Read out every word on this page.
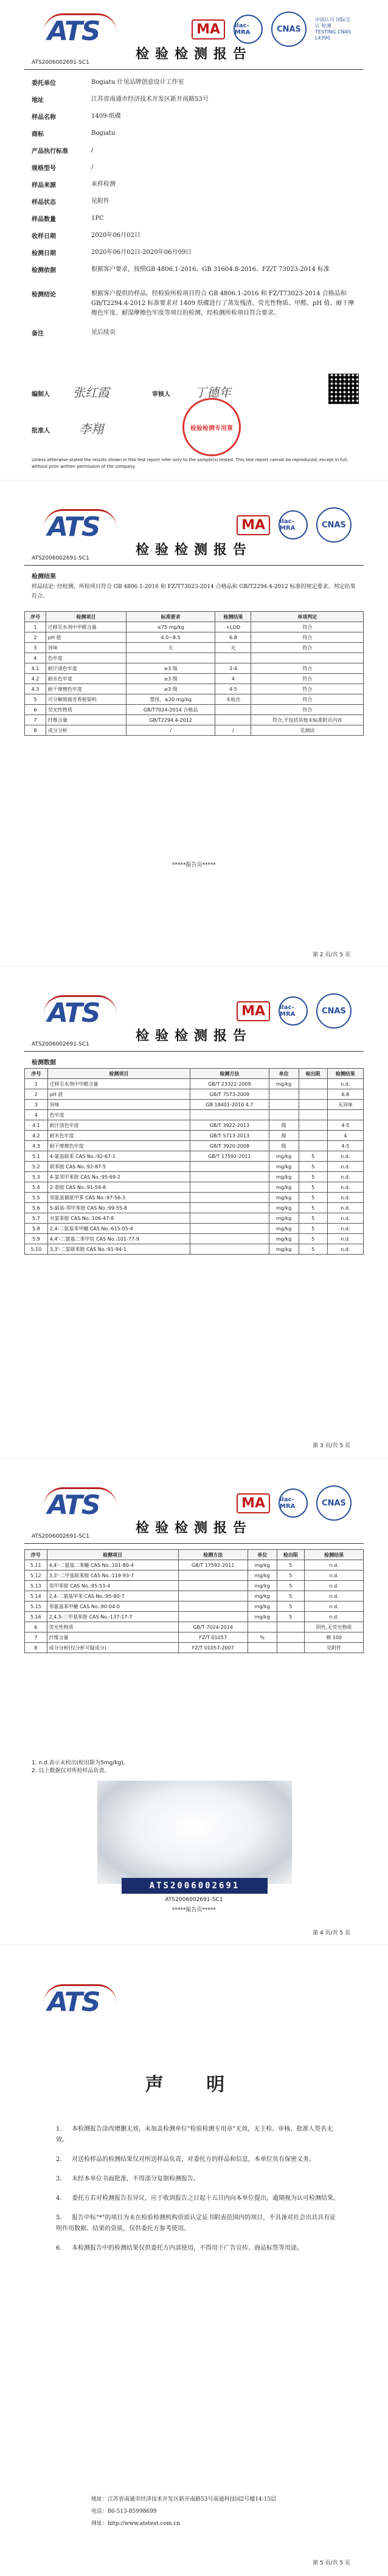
ATS	MA	ilac-MRA	CNAS
中国认可 国际互认 检测 TESTING CNAS L4390
检验检测报告
ATS2006002691-SC1
委托单位	Bogiatu 什见品牌创意设计工作室
地址	江苏省南通市经济技术开发区新开南路53号
样品名称	1409-纸碟
商标	Bogiatu
产品执行标准	/
规格型号	/
样品来源	来样检测
样品状态	见附件
样品数量	1PC
收样日期	2020年06月02日
检测日期	2020年06月02日-2020年06月09日
检测依据	根据客户要求，按照GB 4806.1-2016、GB 31604.8-2016、FZ/T 73023-2014 标准
检测结论	根据客户提供的样品，经检验所检项目符合 GB 4806.1-2016 和 FZ/T73023-2014 合格品和 GB/T2294.4-2012 标准要求对 1409 纸碟进行了蒸发残渣、荧光性物质、甲醛、pH 值、耐干摩擦色牢度、耐湿摩擦色牢度等项目的检测，经检测所检项目符合要求。
备注	见后续页
编制人 张红霞	审核人 丁德年
批准人 李翔	检验检测专用章
Unless otherwise stated the results shown in this test report refer only to the sample(s) tested. This test report cannot be reproduced, except in full, without prior written permission of the company.
ATS	MA	ilac-MRA	CNAS
检验检测报告
ATS2006002691-SC1
检测结果
样品结论: 经检测，所检项目符合 GB 4806.1-2016 和 FZ/T73023-2014 合格品和 GB/T2294.4-2012 标准的规定要求。判定结果符合。
序号	检测项目	标准要求	检测结果	单项判定
1	迁移至水剂中甲醛含量	≤75 mg/kg	<LOD	符合
2	pH 值	4.0~8.5	6.8	符合
3	异味	无	无	符合
4	色牢度			
4.1	耐汗渍色牢度	≥3 级	3-4	符合
4.2	耐水色牢度	≥3 级	4	符合
4.3	耐干摩擦色牢度	≥3 级	4-5	符合
5	可分解致癌芳香胺染料	禁用，≤20 mg/kg	未检出	符合
6	荧光性物质	GB/T7024-2014 合格品		符合
7	纤维含量	GB/T2294.4-2012		符合,不包括其他未标准附页内容
8	成分分析	/	/	见测试
*****报告页*****
第 2 页/共 5 页
ATS	MA	ilac-MRA	CNAS
检验检测报告
ATS2006002691-SC1
检测数据
序号	检测项目	检测方法	单位	检出限	检测结果
1	迁移至水剂中甲醛含量	GB/T 23322-2009	mg/kg		n.d.
2	pH 值	GB/T 7573-2009			6.8
3	异味	GB 18401-2010 4.7			无异味
4	色牢度				
4.1	耐汗渍色牢度	GB/T 3922-2013	级		4-5
4.2	耐水色牢度	GB/T 5713-2013	级		4
4.3	耐干摩擦色牢度	GB/T 3920-2008	级		4-5
5.1	4-氨基联苯 CAS No.:92-67-1	GB/T 17592-2011	mg/kg	5	n.d.
5.2	联苯胺 CAS No.:92-87-5		mg/kg	5	n.d.
5.3	4-氯邻甲苯胺 CAS No.:95-69-2		mg/kg	5	n.d.
5.4	2-萘胺 CAS No.:91-59-8		mg/kg	5	n.d.
5.5	邻氨基偶氮甲苯 CAS No.:97-56-3		mg/kg	5	n.d.
5.6	5-硝基-邻甲苯胺 CAS No.:99-55-8		mg/kg	5	n.d.
5.7	对氯苯胺 CAS No.:106-47-8		mg/kg	5	n.d.
5.8	2,4-二氨基苯甲醚 CAS No.:615-05-4		mg/kg	5	n.d.
5.9	4,4'-二氨基二苯甲烷 CAS No.:101-77-9		mg/kg	5	n.d.
5.10	3,3'-二氯联苯胺 CAS No.:91-94-1		mg/kg	5	n.d.
第 3 页/共 5 页
ATS	MA	ilac-MRA	CNAS
检验检测报告
ATS2006002691-SC1
序号	检测项目	检测方法	单位	检出限	检测结果
5.11	4,4'-二氨基二苯醚 CAS No.:101-80-4	GB/T 17592-2011	mg/kg	5	n.d.
5.12	3,3'-二甲基联苯胺 CAS No.:119-93-7		mg/kg	5	n.d.
5.13	邻甲苯胺 CAS No.:95-53-4		mg/kg	5	n.d.
5.14	2,4-二氨基甲苯 CAS No.:95-80-7		mg/kg	5	n.d.
5.15	邻氨基苯甲醚 CAS No.:90-04-0		mg/kg	5	n.d.
5.16	2,4,5-三甲基苯胺 CAS No.:137-17-7		mg/kg	5	n.d.
6	荧光性物质	GB/T 7024-2014			阴性,无荧光物质
7	纤维含量	FZ/T 01057	%		棉 100
8	成分分析(仅分析可疑成分)	FZ/T 01057-2007			见附件
1. n.d.表示未检出(检出限为5mg/kg)。
2. 以上数据仅对所检样品负责。
ATS2006002691
ATS2006002691-SC1
*****报告页*****
第 4 页/共 5 页
ATS
声 明
1. 本检测报告涂改增删无效，未加盖检测单位"检验检测专用章"无效，无主检、审核、批准人签名无效。
2. 对送检样品的检测结果仅对所送样品负责，对委托方的样品和信息，本单位负有保密义务。
3. 未经本单位书面批准，不得部分复制检测报告。
4. 委托方若对检测报告有异议，应于收到报告之日起十五日内向本单位提出，逾期视为认可检测结果。
5. 报告中标"*"的项目为未在检验检测机构资质认定证书附表范围内的项目，不具备对社会出具具有证明作用数据、结果的资质，仅供委托方参考使用。
6. 本检测报告中的检测结果仅供委托方内部使用，不得用于广告宣传、商品标签等用途。
地址：江苏省南通市经济技术开发区新开南路53号南通科技园2号楼14-15层
电话：86-513-85998699
网址：http://www.atstest.com.cn
第 5 页/共 5 页
